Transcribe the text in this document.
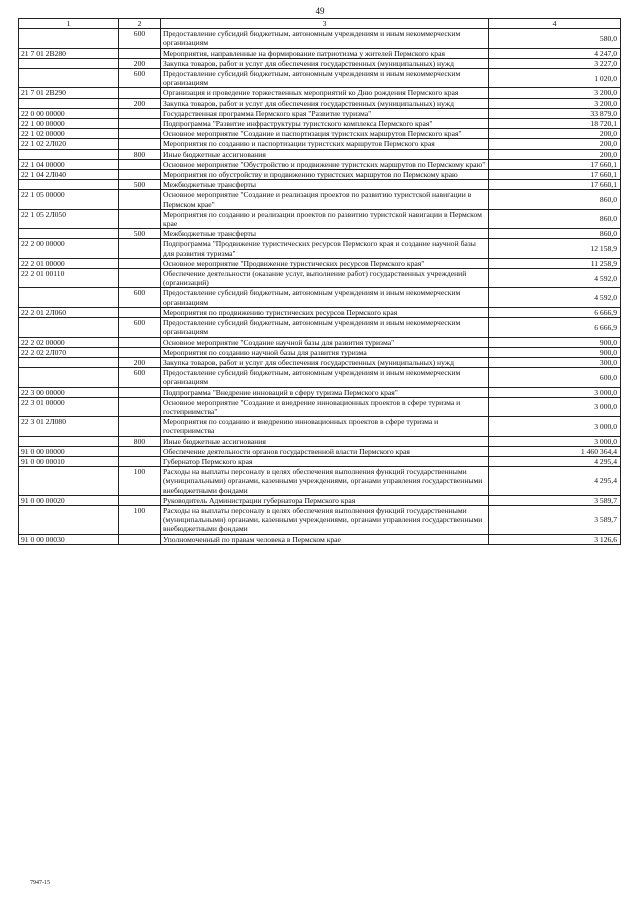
49
1	2	3	4
	600	Предоставление субсидий бюджетным, автономным учреждениям и иным некоммерческим организациям	580,0
21 7 01 2В280		Мероприятия, направленные на формирование патриотизма у жителей Пермского края	4 247,0
	200	Закупка товаров, работ и услуг для обеспечения государственных (муниципальных) нужд	3 227,0
	600	Предоставление субсидий бюджетным, автономным учреждениям и иным некоммерческим организациям	1 020,0
21 7 01 2В290		Организация и проведение торжественных мероприятий ко Дню рождения Пермского края	3 200,0
	200	Закупка товаров, работ и услуг для обеспечения государственных (муниципальных) нужд	3 200,0
22 0 00 00000		Государственная программа Пермского края "Развитие туризма"	33 879,0
22 1 00 00000		Подпрограмма "Развитие инфраструктуры туристского комплекса Пермского края"	18 720,1
22 1 02 00000		Основное мероприятие "Создание и паспортизация туристских маршрутов Пермского края"	200,0
22 1 02 2Л020		Мероприятия по созданию и паспортизации туристских маршрутов Пермского края	200,0
	800	Иные бюджетные ассигнования	200,0
22 1 04 00000		Основное мероприятие "Обустройство и продвижение туристских маршрутов по Пермскому краю"	17 660,1
22 1 04 2Л040		Мероприятия по обустройству и продвижению туристских маршрутов по Пермскому краю	17 660,1
	500	Межбюджетные трансферты	17 660,1
22 1 05 00000		Основное мероприятие "Создание и реализация проектов по развитию туристской навигации в Пермском крае"	860,0
22 1 05 2Л050		Мероприятия по созданию и реализации проектов по развитию туристской навигации в Пермском крае	860,0
	500	Межбюджетные трансферты	860,0
22 2 00 00000		Подпрограмма "Продвижение туристических ресурсов Пермского края и создание научной базы для развития туризма"	12 158,9
22 2 01 00000		Основное мероприятие "Продвижение туристических ресурсов Пермского края"	11 258,9
22 2 01 00110		Обеспечение деятельности (оказание услуг, выполнение работ) государственных учреждений (организаций)	4 592,0
	600	Предоставление субсидий бюджетным, автономным учреждениям и иным некоммерческим организациям	4 592,0
22 2 01 2Л060		Мероприятия по продвижению туристических ресурсов Пермского края	6 666,9
	600	Предоставление субсидий бюджетным, автономным учреждениям и иным некоммерческим организациям	6 666,9
22 2 02 00000		Основное мероприятие "Создание научной базы для развития туризма"	900,0
22 2 02 2Л070		Мероприятия по созданию научной базы для развития туризма	900,0
	200	Закупка товаров, работ и услуг для обеспечения государственных (муниципальных) нужд	300,0
	600	Предоставление субсидий бюджетным, автономным учреждениям и иным некоммерческим организациям	600,0
22 3 00 00000		Подпрограмма "Внедрение инноваций в сферу туризма Пермского края"	3 000,0
22 3 01 00000		Основное мероприятие "Создание и внедрение инновационных проектов в сфере туризма и гостеприимства"	3 000,0
22 3 01 2Л080		Мероприятия по созданию и внедрению инновационных проектов в сфере туризма и гостеприимства	3 000,0
	800	Иные бюджетные ассигнования	3 000,0
91 0 00 00000		Обеспечение деятельности органов государственной власти Пермского края	1 460 364,4
91 0 00 00010		Губернатор Пермского края	4 295,4
	100	Расходы на выплаты персоналу в целях обеспечения выполнения функций государственными (муниципальными) органами, казенными учреждениями, органами управления государственными внебюджетными фондами	4 295,4
91 0 00 00020		Руководитель Администрации губернатора Пермского края	3 589,7
	100	Расходы на выплаты персоналу в целях обеспечения выполнения функций государственными (муниципальными) органами, казенными учреждениями, органами управления государственными внебюджетными фондами	3 589,7
91 0 00 00030		Уполномоченный по правам человека в Пермском крае	3 126,6
7947-15
